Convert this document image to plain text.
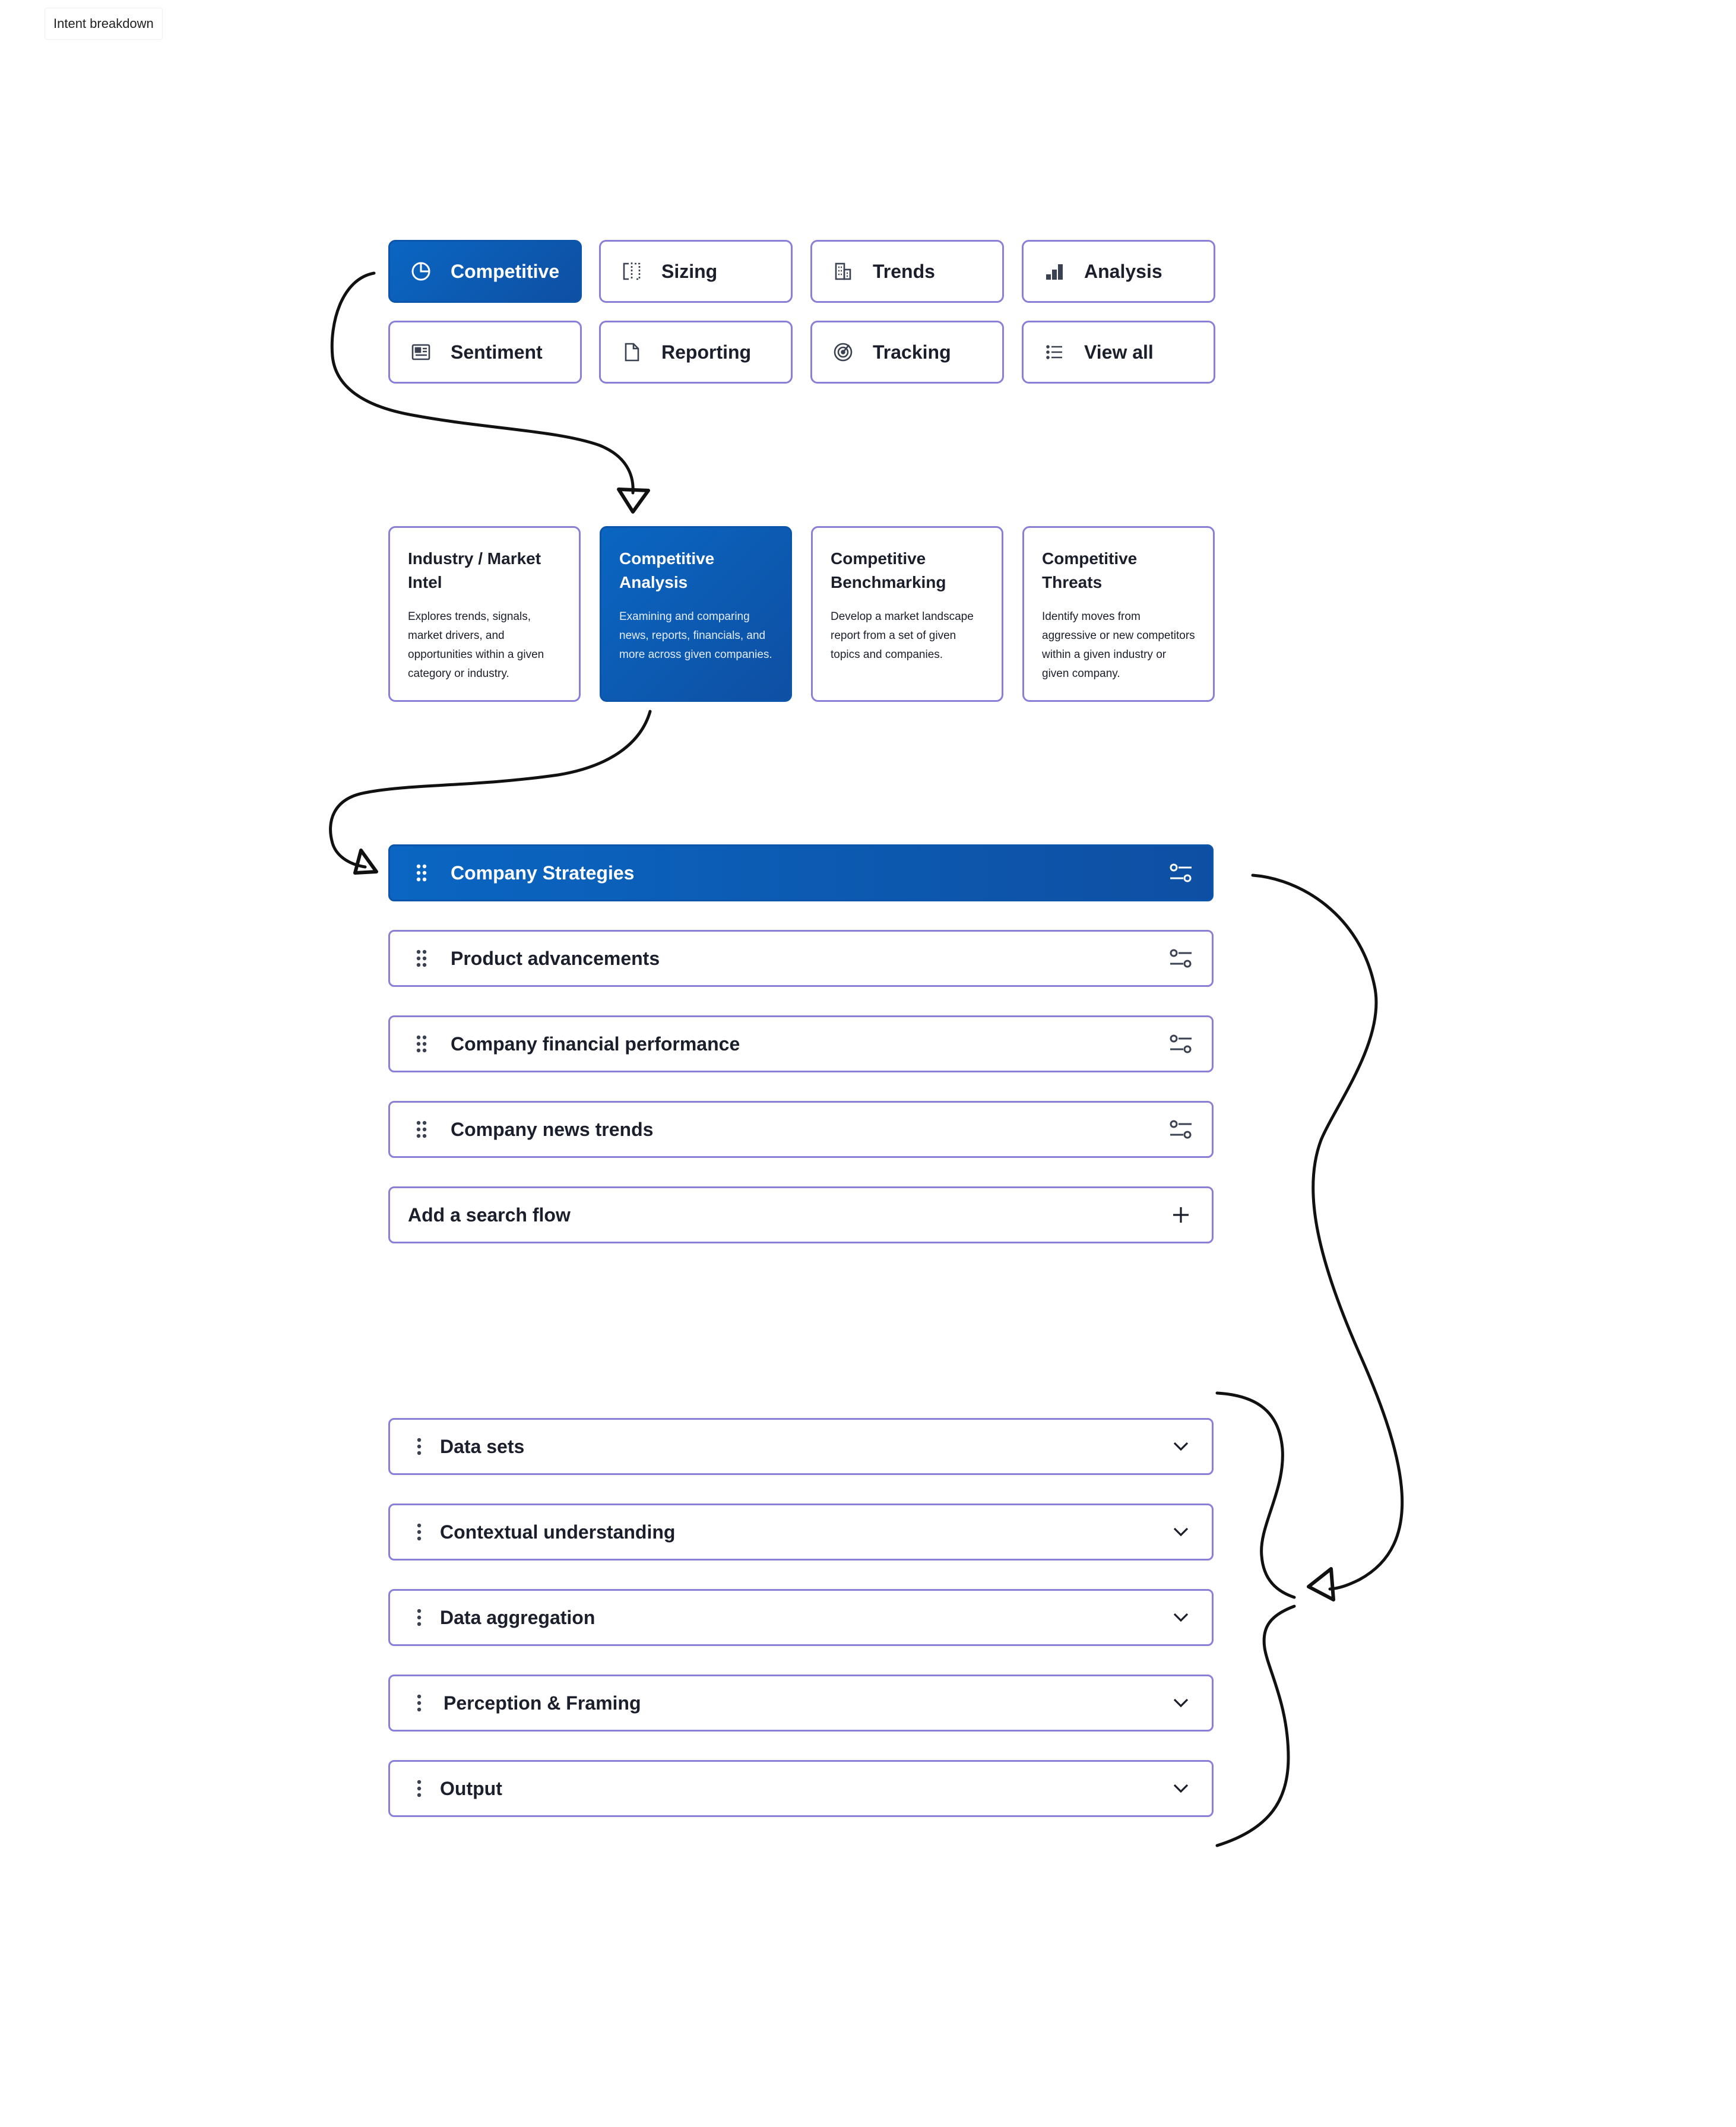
Intent breakdown
Competitive	Sizing	Trends	Analysis
Sentiment	Reporting	Tracking	View all
Industry / Market Intel
Explores trends, signals, market drivers, and opportunities within a given category or industry.
Competitive Analysis
Examining and comparing news, reports, financials, and more across given companies.
Competitive Benchmarking
Develop a market landscape report from a set of given topics and companies.
Competitive Threats
Identify moves from aggressive or new competitors within a given industry or given company.
Company Strategies
Product advancements
Company financial performance
Company news trends
Add a search flow
Data sets
Contextual understanding
Data aggregation
Perception & Framing
Output
